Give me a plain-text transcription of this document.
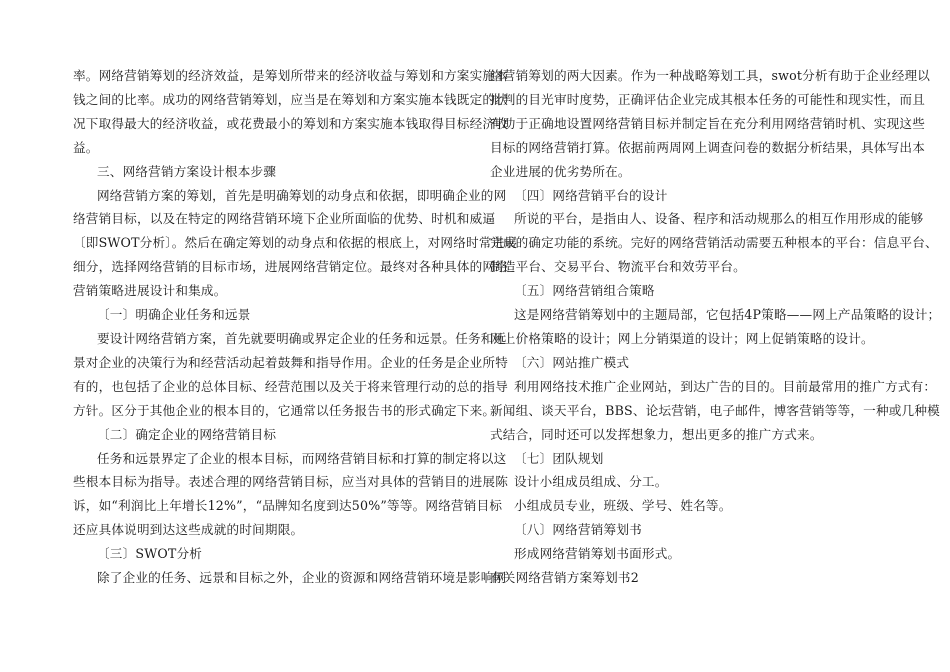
率。网络营销筹划的经济效益，是筹划所带来的经济收益与筹划和方案实施本
钱之间的比率。成功的网络营销筹划，应当是在筹划和方案实施本钱既定的状
况下取得最大的经济收益，或花费最小的筹划和方案实施本钱取得目标经济收
益。
三、网络营销方案设计根本步骤
网络营销方案的筹划，首先是明确筹划的动身点和依据，即明确企业的网
络营销目标，以及在特定的网络营销环境下企业所面临的优势、时机和威逼
〔即SWOT分析〕。然后在确定筹划的动身点和依据的根底上，对网络时常进展
细分，选择网络营销的目标市场，进展网络营销定位。最终对各种具体的网络
营销策略进展设计和集成。
〔一〕明确企业任务和远景
要设计网络营销方案，首先就要明确或界定企业的任务和远景。任务和远
景对企业的决策行为和经营活动起着鼓舞和指导作用。企业的任务是企业所特
有的，也包括了企业的总体目标、经营范围以及关于将来管理行动的总的指导
方针。区分于其他企业的根本目的，它通常以任务报告书的形式确定下来。
〔二〕确定企业的网络营销目标
任务和远景界定了企业的根本目标，而网络营销目标和打算的制定将以这
些根本目标为指导。表述合理的网络营销目标，应当对具体的营销目的进展陈
诉，如“利润比上年增长12%”，“品牌知名度到达50%”等等。网络营销目标
还应具体说明到达这些成就的时间期限。
〔三〕SWOT分析
除了企业的任务、远景和目标之外，企业的资源和网络营销环境是影响网
络营销筹划的两大因素。作为一种战略筹划工具，swot分析有助于企业经理以
批判的目光审时度势，正确评估企业完成其根本任务的可能性和现实性，而且
有助于正确地设置网络营销目标并制定旨在充分利用网络营销时机、实现这些
目标的网络营销打算。依据前两周网上调查问卷的数据分析结果，具体写出本
企业进展的优劣势所在。
〔四〕网络营销平台的设计
所说的平台，是指由人、设备、程序和活动规那么的相互作用形成的能够
完成的确定功能的系统。完好的网络营销活动需要五种根本的平台：信息平台、
制造平台、交易平台、物流平台和效劳平台。
〔五〕网络营销组合策略
这是网络营销筹划中的主题局部，它包括4P策略——网上产品策略的设计；
网上价格策略的设计；网上分销渠道的设计；网上促销策略的设计。
〔六〕网站推广模式
利用网络技术推广企业网站，到达广告的目的。目前最常用的推广方式有：
新闻组、谈天平台，BBS、论坛营销，电子邮件，博客营销等等，一种或几种模
式结合，同时还可以发挥想象力，想出更多的推广方式来。
〔七〕团队规划
设计小组成员组成、分工。
小组成员专业，班级、学号、姓名等。
〔八〕网络营销筹划书
形成网络营销筹划书面形式。
有关网络营销方案筹划书2
